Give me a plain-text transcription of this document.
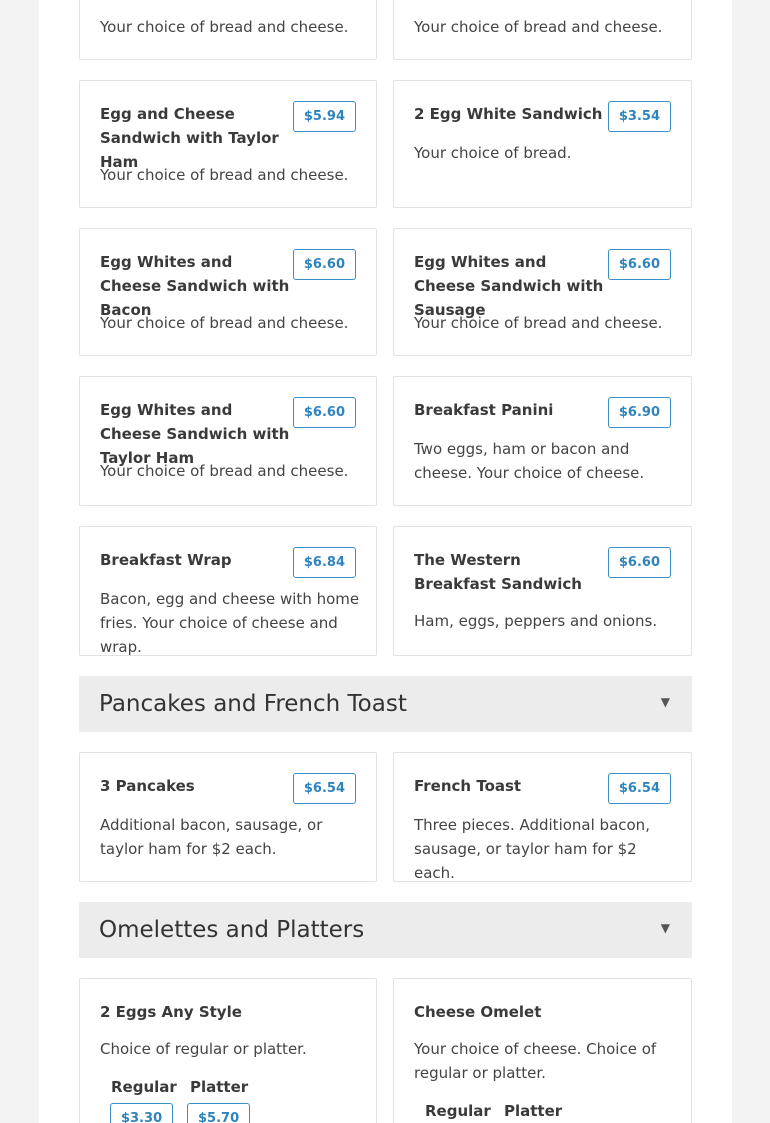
Your choice of bread and cheese.	Your choice of bread and cheese.
Egg and Cheese Sandwich with Taylor Ham
$5.94
Your choice of bread and cheese.
2 Egg White Sandwich	$3.54
Your choice of bread.
Egg Whites and Cheese Sandwich with Bacon
$6.60
Your choice of bread and cheese.
Egg Whites and Cheese Sandwich with Sausage
$6.60
Your choice of bread and cheese.
Egg Whites and Cheese Sandwich with Taylor Ham
$6.60
Your choice of bread and cheese.
Breakfast Panini	$6.90
Two eggs, ham or bacon and cheese. Your choice of cheese.
Breakfast Wrap	$6.84
Bacon, egg and cheese with home fries. Your choice of cheese and wrap.
The Western Breakfast Sandwich
$6.60
Ham, eggs, peppers and onions.
Pancakes and French Toast	▼
3 Pancakes	$6.54
Additional bacon, sausage, or taylor ham for $2 each.
French Toast	$6.54
Three pieces. Additional bacon, sausage, or taylor ham for $2 each.
Omelettes and Platters	▼
2 Eggs Any Style
Choice of regular or platter.
Regular Platter
$3.30	$5.70
Cheese Omelet
Your choice of cheese. Choice of regular or platter.
Regular Platter
